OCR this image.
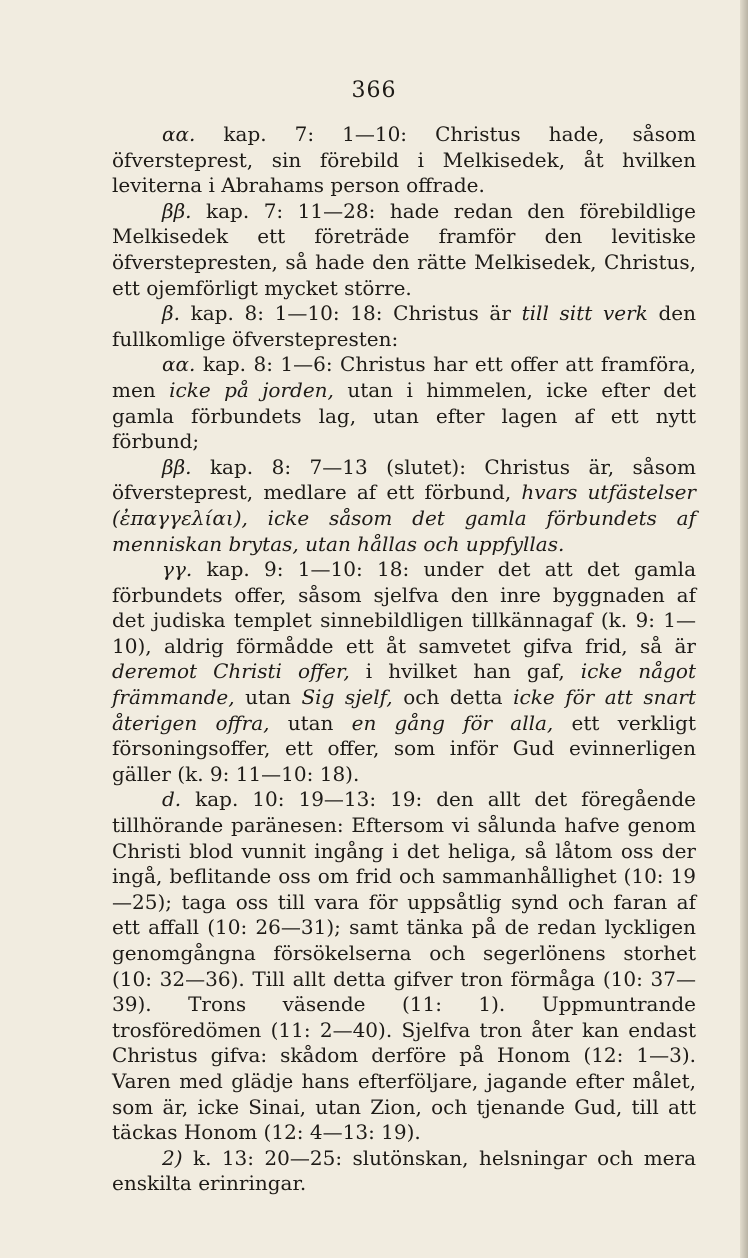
366

αα. kap. 7: 1—10: Christus hade, såsom öfversteprest, sin förebild i Melkisedek, åt hvilken leviterna i Abrahams person offrade.

ββ. kap. 7: 11—28: hade redan den förebildlige Melkisedek ett företräde framför den levitiske öfverstepresten, så hade den rätte Melkisedek, Christus, ett ojemförligt mycket större.

β. kap. 8: 1—10: 18: Christus är till sitt verk den fullkomlige öfverstepresten:

αα. kap. 8: 1—6: Christus har ett offer att framföra, men icke på jorden, utan i himmelen, icke efter det gamla förbundets lag, utan efter lagen af ett nytt förbund;

ββ. kap. 8: 7—13 (slutet): Christus är, såsom öfversteprest, medlare af ett förbund, hvars utfästelser (ἐπαγγελίαι), icke såsom det gamla förbundets af menniskan brytas, utan hållas och uppfyllas.

γγ. kap. 9: 1—10: 18: under det att det gamla förbundets offer, såsom sjelfva den inre byggnaden af det judiska templet sinnebildligen tillkännagaf (k. 9: 1—10), aldrig förmådde ett åt samvetet gifva frid, så är deremot Christi offer, i hvilket han gaf, icke något främmande, utan Sig sjelf, och detta icke för att snart återigen offra, utan en gång för alla, ett verkligt försoningsoffer, ett offer, som inför Gud evinnerligen gäller (k. 9: 11—10: 18).

d. kap. 10: 19—13: 19: den allt det föregående tillhörande paränesen: Eftersom vi sålunda hafve genom Christi blod vunnit ingång i det heliga, så låtom oss der ingå, beflitande oss om frid och sammanhållighet (10: 19—25); taga oss till vara för uppsåtlig synd och faran af ett affall (10: 26—31); samt tänka på de redan lyckligen genomgångna försökelserna och segerlönens storhet (10: 32—36). Till allt detta gifver tron förmåga (10: 37—39). Trons väsende (11: 1). Uppmuntrande trosföredömen (11: 2—40). Sjelfva tron åter kan endast Christus gifva: skådom derföre på Honom (12: 1—3). Varen med glädje hans efterföljare, jagande efter målet, som är, icke Sinai, utan Zion, och tjenande Gud, till att täckas Honom (12: 4—13: 19).

2) k. 13: 20—25: slutönskan, helsningar och mera enskilta erinringar.
